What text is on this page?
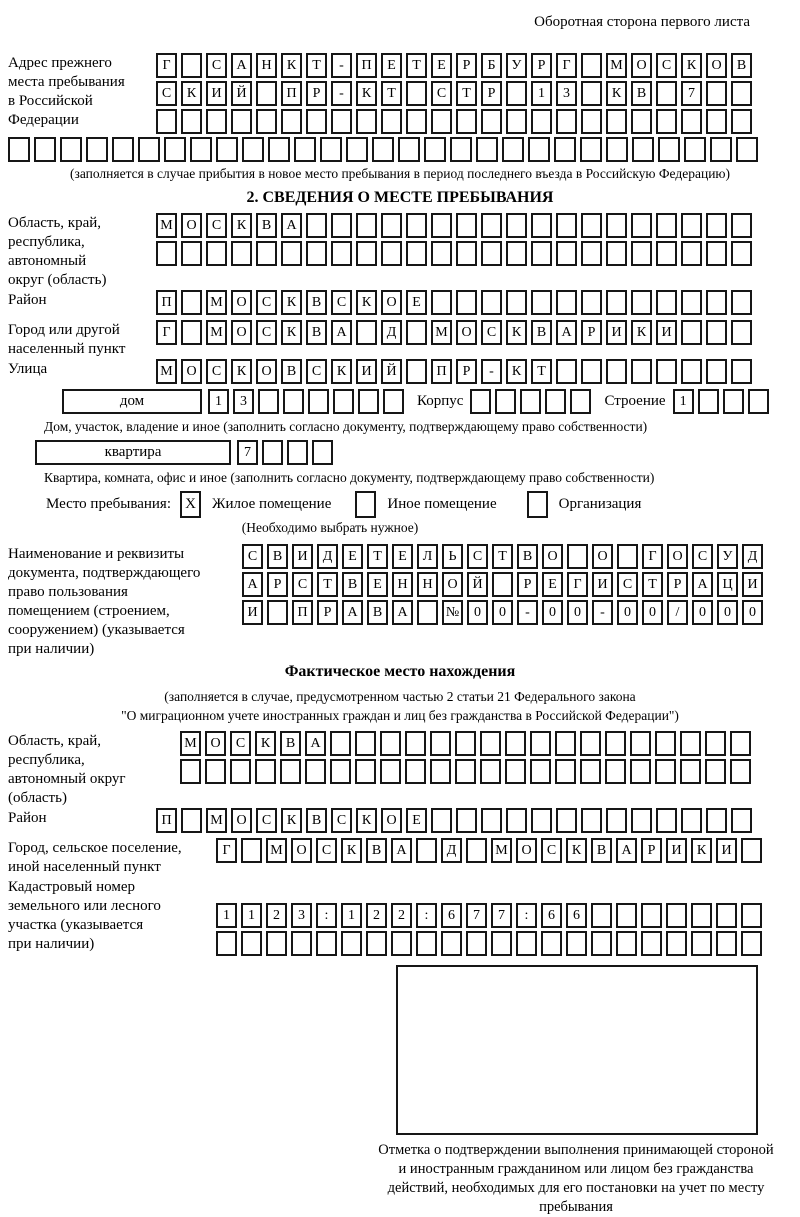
Оборотная сторона первого листа
Адрес прежнего
места пребывания
в Российской
Федерации
Г	С	А	Н	К	Т	-	П	Е	Т	Е	Р	Б	У	Р	Г	М О	С	К	О	В
С	К	И	Й	П	Р	-	К	Т	С	Т	Р	1	3	К	В	7
(заполняется в случае прибытия в новое место пребывания в период последнего въезда в Российскую Федерацию)
2. СВЕДЕНИЯ О МЕСТЕ ПРЕБЫВАНИЯ
Область, край,
республика,
автономный
округ (область)
М О	С	К	В	А
Район	П	М О	С	К	В	С	К	О	Е
Город или другой
населенный пункт
Г	М О	С	К	В	А	Д	М О	С	К	В	А	Р	И	К	И
Улица	М О	С	К	О	В	С	К	И	Й	П	Р	-	К	Т
дом	1	3	Корпус	Строение	1
Дом, участок, владение и иное (заполнить согласно документу, подтверждающему право собственности)
квартира	7
Квартира, комната, офис и иное (заполнить согласно документу, подтверждающему право собственности)
Место пребывания: X	Жилое помещение	Иное помещение	Организация
(Необходимо выбрать нужное)
Наименование и реквизиты
документа, подтверждающего
право пользования
помещением (строением,
сооружением) (указывается
при наличии)
С	В	И	Д	Е	Т	Е	Л	Ь	С	Т	В	О	О	Г	О	С	У	Д
А	Р	С	Т	В	Е	Н	Н	О	Й	Р	Е	Г	И	С	Т	Р	А	Ц	И
И	П	Р	А	В	А	№	0	0	-	0	0	-	0	0	/	0	0	0
Фактическое место нахождения
(заполняется в случае, предусмотренном частью 2 статьи 21 Федерального закона
"О миграционном учете иностранных граждан и лиц без гражданства в Российской Федерации")
Область, край,
республика,
автономный округ
(область)
М О	С	К	В	А
Район	П	М О	С	К	В	С	К	О	Е
Город, сельское поселение,
иной населенный пункт
Г	М О	С	К	В	А	Д	М О	С	К	В	А	Р	И	К	И
Кадастровый номер
земельного или лесного
участка (указывается
при наличии)
1	1	2	3	:	1	2	2	:	6	7	7	:	6	6
Отметка о подтверждении выполнения принимающей стороной и иностранным гражданином или лицом без гражданства действий, необходимых для его постановки на учет по месту пребывания
